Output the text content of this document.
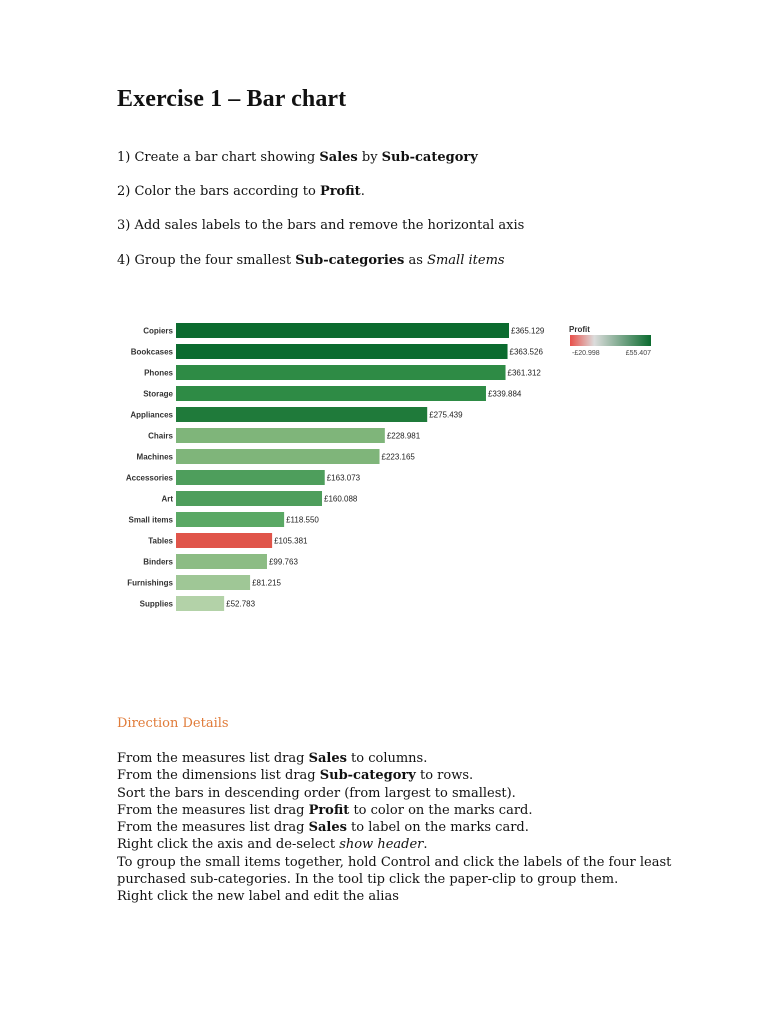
Exercise 1 – Bar chart

1) Create a bar chart showing Sales by Sub-category

2) Color the bars according to Profit.

3) Add sales labels to the bars and remove the horizontal axis

4) Group the four smallest Sub-categories as Small items

Copiers	£365.129
Bookcases	£363.526
Phones	£361.312
Storage	£339.884
Appliances	£275.439
Chairs	£228.981
Machines	£223.165
Accessories	£163.073
Art	£160.088
Small items	£118.550
Tables	£105.381
Binders	£99.763
Furnishings	£81.215
Supplies	£52.783
Profit
-£20.998	£55.407
Direction Details
From the measures list drag Sales to columns.
From the dimensions list drag Sub-category to rows.
Sort the bars in descending order (from largest to smallest).
From the measures list drag Profit to color on the marks card.
From the measures list drag Sales to label on the marks card.
Right click the axis and de-select show header.
To group the small items together, hold Control and click the labels of the four least purchased sub-categories. In the tool tip click the paper-clip to group them.
Right click the new label and edit the alias
